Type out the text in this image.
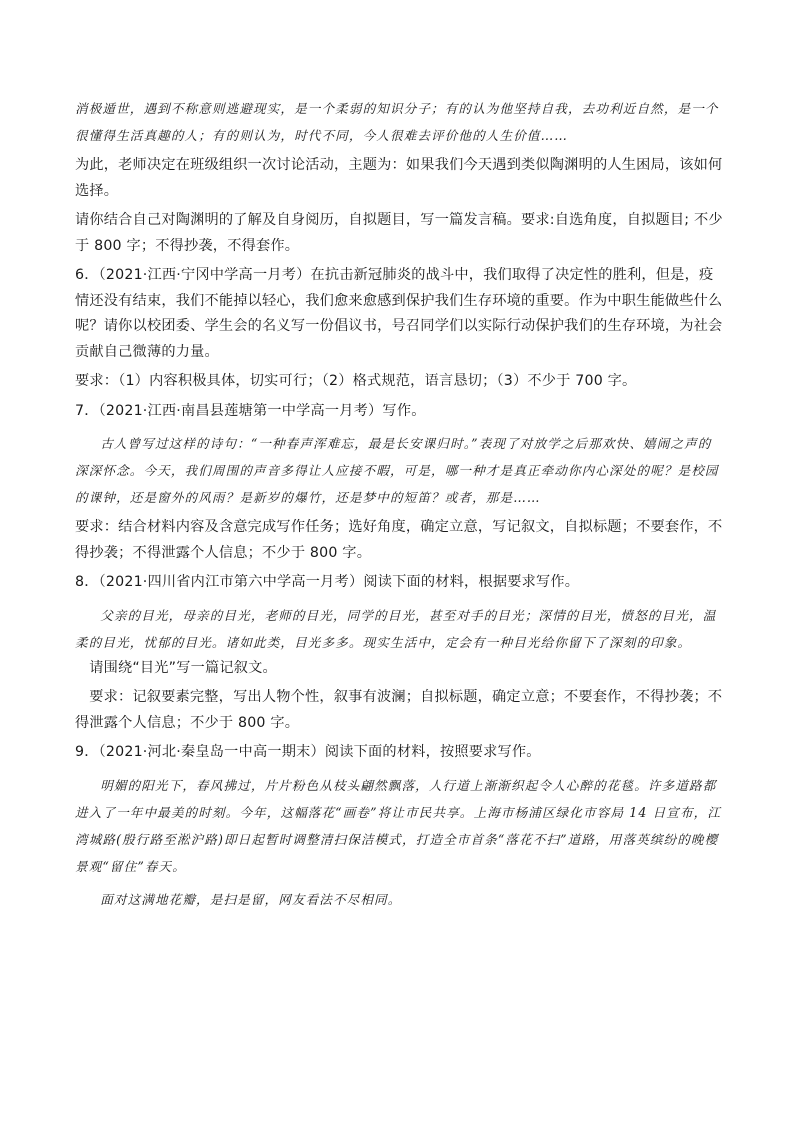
消极遁世，遇到不称意则逃避现实，是一个柔弱的知识分子；有的认为他坚持自我，去功利近自然，是一个很懂得生活真趣的人；有的则认为，时代不同，今人很难去评价他的人生价值……

为此，老师决定在班级组织一次讨论活动，主题为：如果我们今天遇到类似陶渊明的人生困局，该如何选择。

请你结合自己对陶渊明的了解及自身阅历，自拟题目，写一篇发言稿。要求:自选角度，自拟题目; 不少于 800 字；不得抄袭，不得套作。

6．（2021·江西·宁冈中学高一月考）在抗击新冠肺炎的战斗中，我们取得了决定性的胜利，但是，疫情还没有结束，我们不能掉以轻心，我们愈来愈感到保护我们生存环境的重要。作为中职生能做些什么呢？请你以校团委、学生会的名义写一份倡议书，号召同学们以实际行动保护我们的生存环境，为社会贡献自己微薄的力量。

要求：（1）内容积极具体，切实可行；（2）格式规范，语言恳切；（3）不少于 700 字。

7．（2021·江西·南昌县莲塘第一中学高一月考）写作。

古人曾写过这样的诗句：“一种春声浑难忘，最是长安课归时。”表现了对放学之后那欢快、嬉闹之声的深深怀念。今天，我们周围的声音多得让人应接不暇，可是，哪一种才是真正牵动你内心深处的呢？是校园的课钟，还是窗外的风雨？是新岁的爆竹，还是梦中的短笛？或者，那是……

要求：结合材料内容及含意完成写作任务；选好角度，确定立意，写记叙文，自拟标题；不要套作，不得抄袭；不得泄露个人信息；不少于 800 字。

8．（2021·四川省内江市第六中学高一月考）阅读下面的材料，根据要求写作。

父亲的目光，母亲的目光，老师的目光，同学的目光，甚至对手的目光；深情的目光，愤怒的目光，温柔的目光，忧郁的目光。诸如此类，目光多多。现实生活中，定会有一种目光给你留下了深刻的印象。

请围绕“目光”写一篇记叙文。

要求：记叙要素完整，写出人物个性，叙事有波澜；自拟标题，确定立意；不要套作，不得抄袭；不得泄露个人信息；不少于 800 字。

9．（2021·河北·秦皇岛一中高一期末）阅读下面的材料，按照要求写作。

明媚的阳光下，春风拂过，片片粉色从枝头翩然飘落，人行道上渐渐织起令人心醉的花毯。许多道路都进入了一年中最美的时刻。今年，这幅落花“画卷”将让市民共享。上海市杨浦区绿化市容局 14 日宣布，江湾城路(殷行路至淞沪路)即日起暂时调整清扫保洁模式，打造全市首条“落花不扫”道路，用落英缤纷的晚樱景观“留住”春天。

面对这满地花瓣，是扫是留，网友看法不尽相同。
